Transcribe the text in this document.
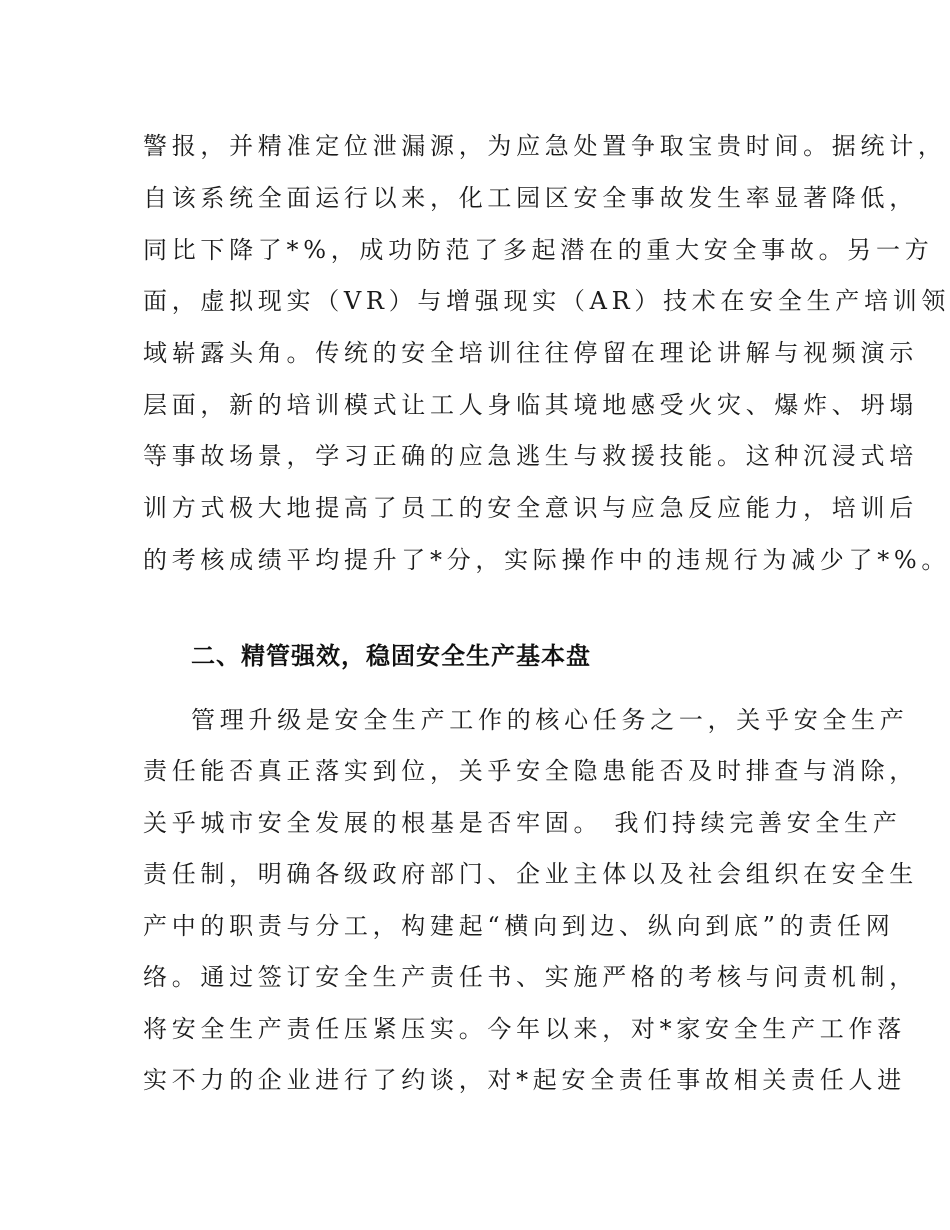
警报，并精准定位泄漏源，为应急处置争取宝贵时间。据统计，
自该系统全面运行以来，化工园区安全事故发生率显著降低，
同比下降了*%，成功防范了多起潜在的重大安全事故。另一方
面，虚拟现实（VR）与增强现实（AR）技术在安全生产培训领
域崭露头角。传统的安全培训往往停留在理论讲解与视频演示
层面，新的培训模式让工人身临其境地感受火灾、爆炸、坍塌
等事故场景，学习正确的应急逃生与救援技能。这种沉浸式培
训方式极大地提高了员工的安全意识与应急反应能力，培训后
的考核成绩平均提升了*分，实际操作中的违规行为减少了*%。
二、精管强效，稳固安全生产基本盘
管理升级是安全生产工作的核心任务之一，关乎安全生产
责任能否真正落实到位，关乎安全隐患能否及时排查与消除，
关乎城市安全发展的根基是否牢固。 我们持续完善安全生产
责任制，明确各级政府部门、企业主体以及社会组织在安全生
产中的职责与分工，构建起“横向到边、纵向到底”的责任网
络。通过签订安全生产责任书、实施严格的考核与问责机制，
将安全生产责任压紧压实。今年以来，对*家安全生产工作落
实不力的企业进行了约谈，对*起安全责任事故相关责任人进
